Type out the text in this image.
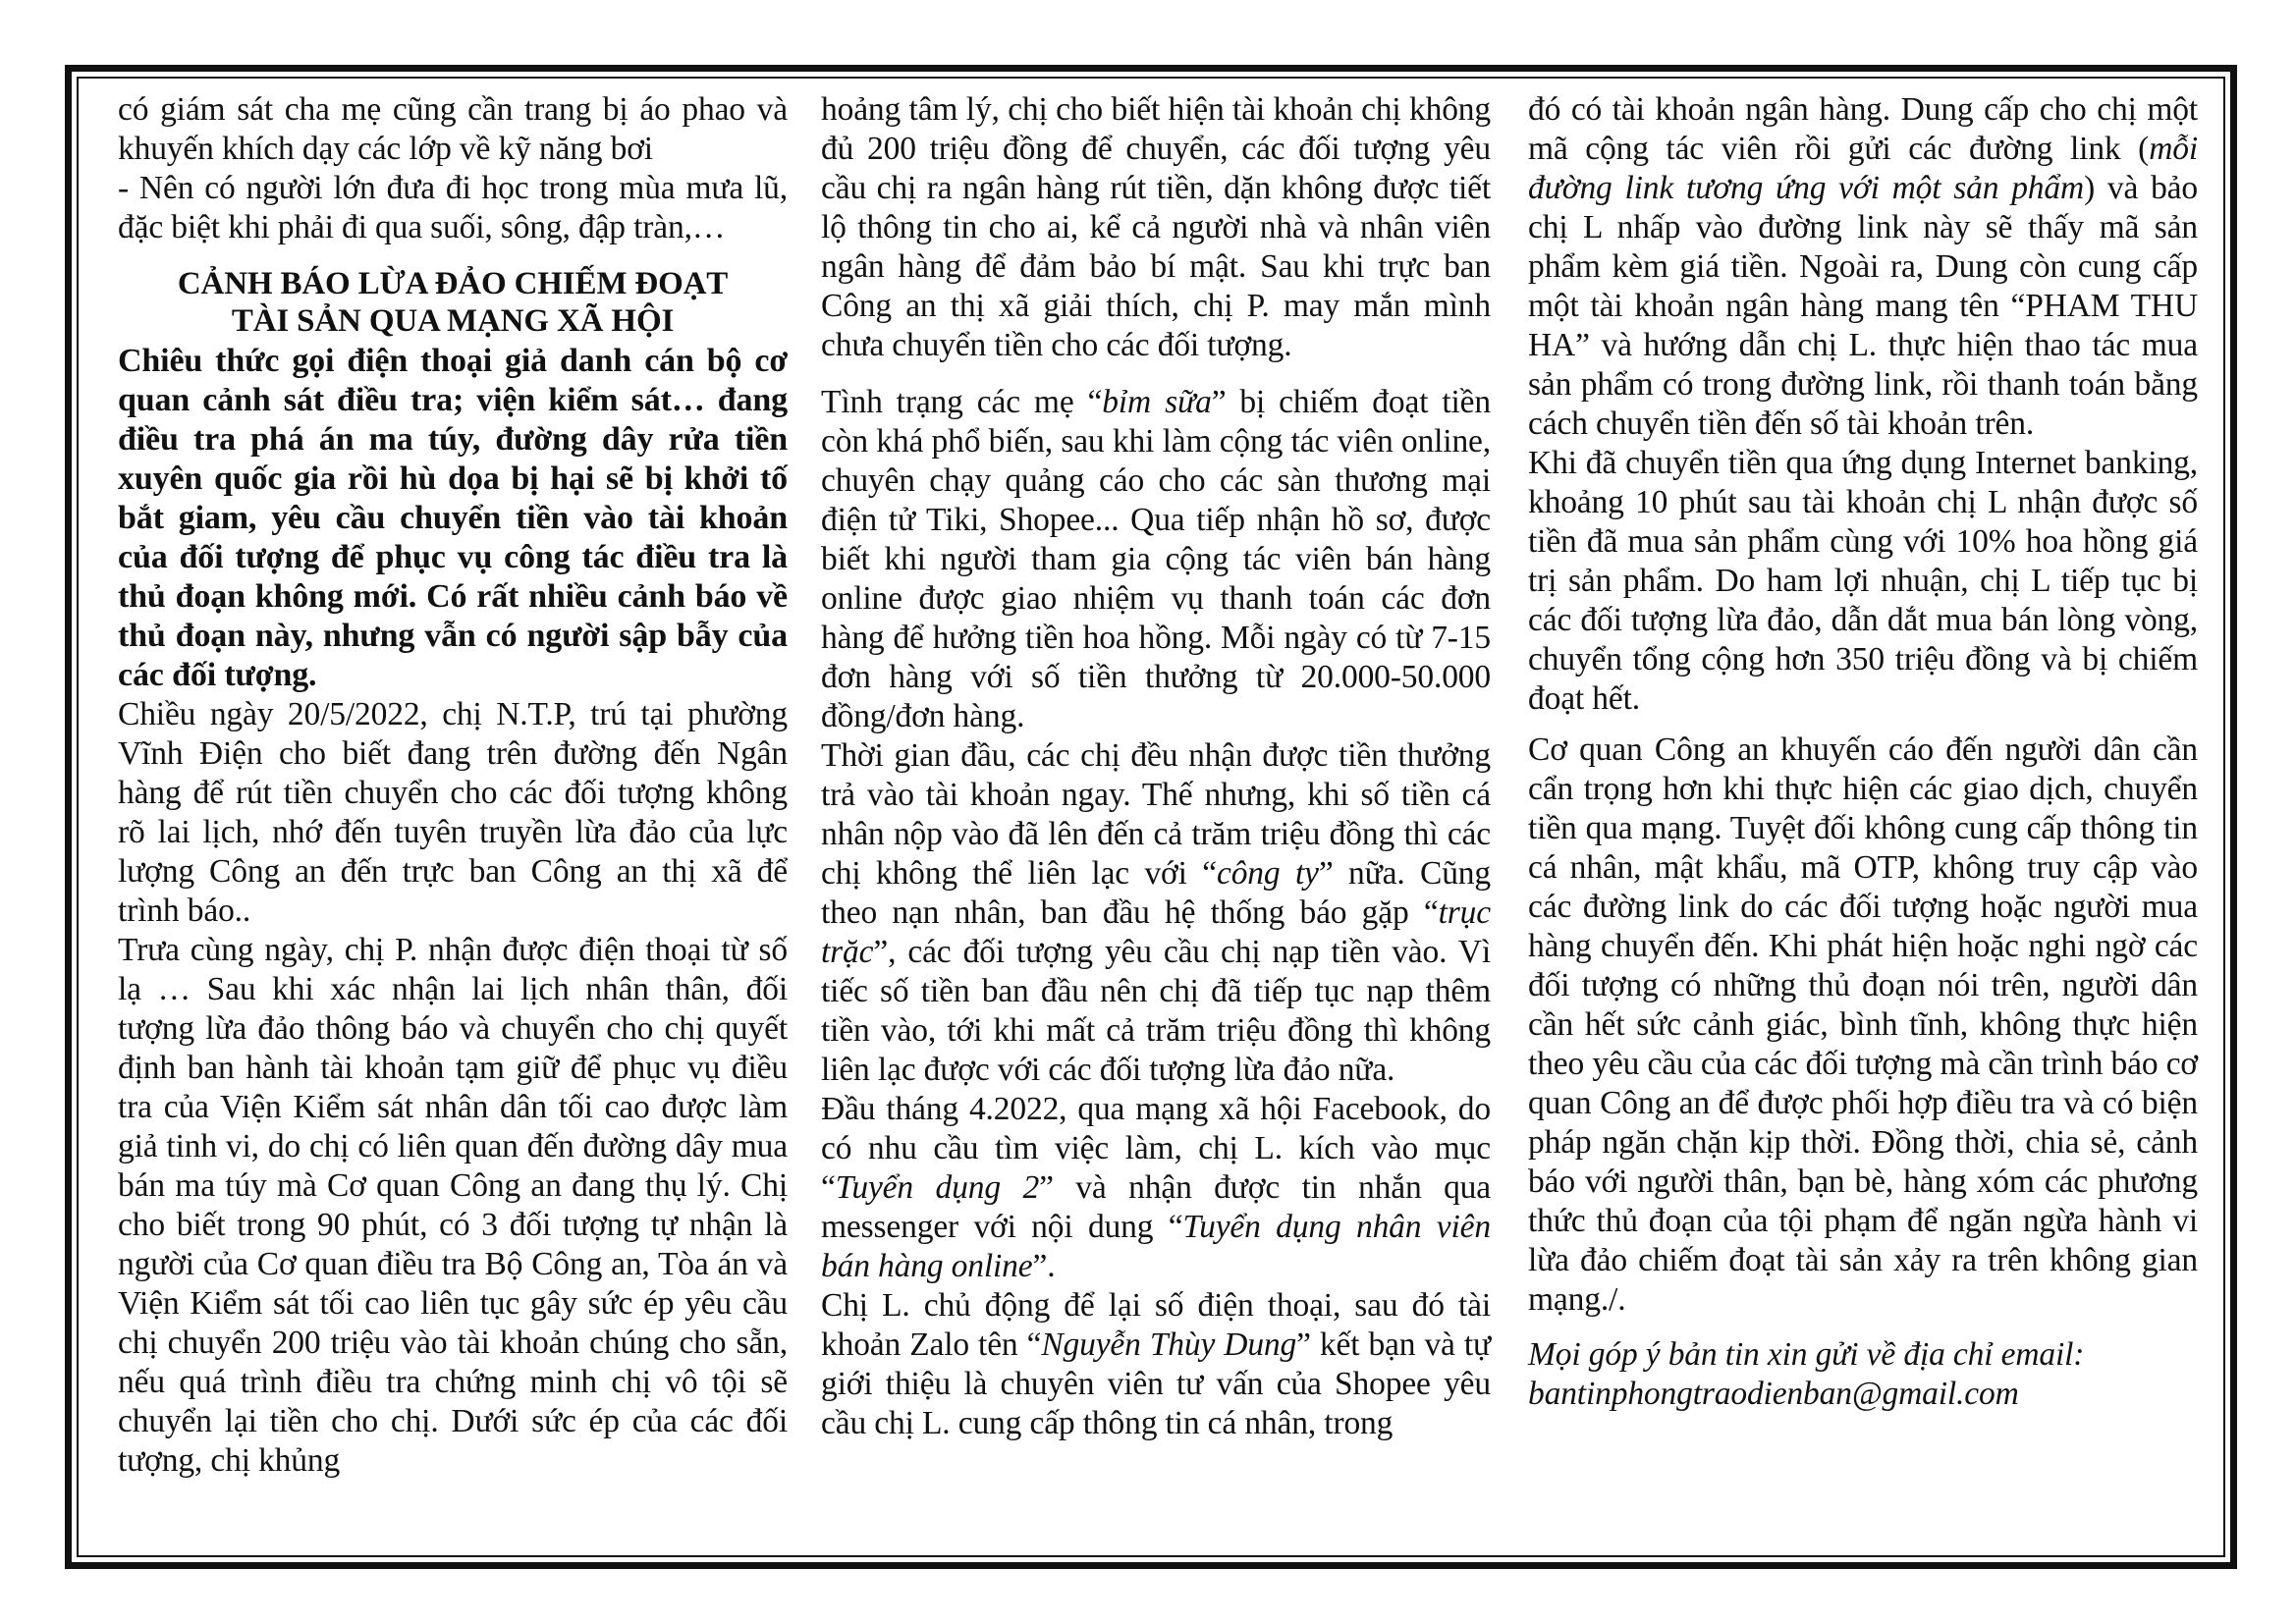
có giám sát cha mẹ cũng cần trang bị áo phao và khuyến khích dạy các lớp về kỹ năng bơi

- Nên có người lớn đưa đi học trong mùa mưa lũ, đặc biệt khi phải đi qua suối, sông, đập tràn,…

CẢNH BÁO LỪA ĐẢO CHIẾM ĐOẠT
TÀI SẢN QUA MẠNG XÃ HỘI

Chiêu thức gọi điện thoại giả danh cán bộ cơ quan cảnh sát điều tra; viện kiểm sát… đang điều tra phá án ma túy, đường dây rửa tiền xuyên quốc gia rồi hù dọa bị hại sẽ bị khởi tố bắt giam, yêu cầu chuyển tiền vào tài khoản của đối tượng để phục vụ công tác điều tra là thủ đoạn không mới. Có rất nhiều cảnh báo về thủ đoạn này, nhưng vẫn có người sập bẫy của các đối tượng.

Chiều ngày 20/5/2022, chị N.T.P, trú tại phường Vĩnh Điện cho biết đang trên đường đến Ngân hàng để rút tiền chuyển cho các đối tượng không rõ lai lịch, nhớ đến tuyên truyền lừa đảo của lực lượng Công an đến trực ban Công an thị xã để trình báo..

Trưa cùng ngày, chị P. nhận được điện thoại từ số lạ … Sau khi xác nhận lai lịch nhân thân, đối tượng lừa đảo thông báo và chuyển cho chị quyết định ban hành tài khoản tạm giữ để phục vụ điều tra của Viện Kiểm sát nhân dân tối cao được làm giả tinh vi, do chị có liên quan đến đường dây mua bán ma túy mà Cơ quan Công an đang thụ lý. Chị cho biết trong 90 phút, có 3 đối tượng tự nhận là người của Cơ quan điều tra Bộ Công an, Tòa án và Viện Kiểm sát tối cao liên tục gây sức ép yêu cầu chị chuyển 200 triệu vào tài khoản chúng cho sẵn, nếu quá trình điều tra chứng minh chị vô tội sẽ chuyển lại tiền cho chị. Dưới sức ép của các đối tượng, chị khủng

hoảng tâm lý, chị cho biết hiện tài khoản chị không đủ 200 triệu đồng để chuyển, các đối tượng yêu cầu chị ra ngân hàng rút tiền, dặn không được tiết lộ thông tin cho ai, kể cả người nhà và nhân viên ngân hàng để đảm bảo bí mật. Sau khi trực ban Công an thị xã giải thích, chị P. may mắn mình chưa chuyển tiền cho các đối tượng.

Tình trạng các mẹ “bỉm sữa” bị chiếm đoạt tiền còn khá phổ biến, sau khi làm cộng tác viên online, chuyên chạy quảng cáo cho các sàn thương mại điện tử Tiki, Shopee... Qua tiếp nhận hồ sơ, được biết khi người tham gia cộng tác viên bán hàng online được giao nhiệm vụ thanh toán các đơn hàng để hưởng tiền hoa hồng. Mỗi ngày có từ 7-15 đơn hàng với số tiền thưởng từ 20.000-50.000 đồng/đơn hàng.

Thời gian đầu, các chị đều nhận được tiền thưởng trả vào tài khoản ngay. Thế nhưng, khi số tiền cá nhân nộp vào đã lên đến cả trăm triệu đồng thì các chị không thể liên lạc với “công ty” nữa. Cũng theo nạn nhân, ban đầu hệ thống báo gặp “trục trặc”, các đối tượng yêu cầu chị nạp tiền vào. Vì tiếc số tiền ban đầu nên chị đã tiếp tục nạp thêm tiền vào, tới khi mất cả trăm triệu đồng thì không liên lạc được với các đối tượng lừa đảo nữa.

Đầu tháng 4.2022, qua mạng xã hội Facebook, do có nhu cầu tìm việc làm, chị L. kích vào mục “Tuyển dụng 2” và nhận được tin nhắn qua messenger với nội dung “Tuyển dụng nhân viên bán hàng online”.

Chị L. chủ động để lại số điện thoại, sau đó tài khoản Zalo tên “Nguyễn Thùy Dung” kết bạn và tự giới thiệu là chuyên viên tư vấn của Shopee yêu cầu chị L. cung cấp thông tin cá nhân, trong

đó có tài khoản ngân hàng. Dung cấp cho chị một mã cộng tác viên rồi gửi các đường link (mỗi đường link tương ứng với một sản phẩm) và bảo chị L nhấp vào đường link này sẽ thấy mã sản phẩm kèm giá tiền. Ngoài ra, Dung còn cung cấp một tài khoản ngân hàng mang tên “PHAM THU HA” và hướng dẫn chị L. thực hiện thao tác mua sản phẩm có trong đường link, rồi thanh toán bằng cách chuyển tiền đến số tài khoản trên.

Khi đã chuyển tiền qua ứng dụng Internet banking, khoảng 10 phút sau tài khoản chị L nhận được số tiền đã mua sản phẩm cùng với 10% hoa hồng giá trị sản phẩm. Do ham lợi nhuận, chị L tiếp tục bị các đối tượng lừa đảo, dẫn dắt mua bán lòng vòng, chuyển tổng cộng hơn 350 triệu đồng và bị chiếm đoạt hết.

Cơ quan Công an khuyến cáo đến người dân cần cẩn trọng hơn khi thực hiện các giao dịch, chuyển tiền qua mạng. Tuyệt đối không cung cấp thông tin cá nhân, mật khẩu, mã OTP, không truy cập vào các đường link do các đối tượng hoặc người mua hàng chuyển đến. Khi phát hiện hoặc nghi ngờ các đối tượng có những thủ đoạn nói trên, người dân cần hết sức cảnh giác, bình tĩnh, không thực hiện theo yêu cầu của các đối tượng mà cần trình báo cơ quan Công an để được phối hợp điều tra và có biện pháp ngăn chặn kịp thời. Đồng thời, chia sẻ, cảnh báo với người thân, bạn bè, hàng xóm các phương thức thủ đoạn của tội phạm để ngăn ngừa hành vi lừa đảo chiếm đoạt tài sản xảy ra trên không gian mạng./.

Mọi góp ý bản tin xin gửi về địa chỉ email:
bantinphongtraodienban@gmail.com
